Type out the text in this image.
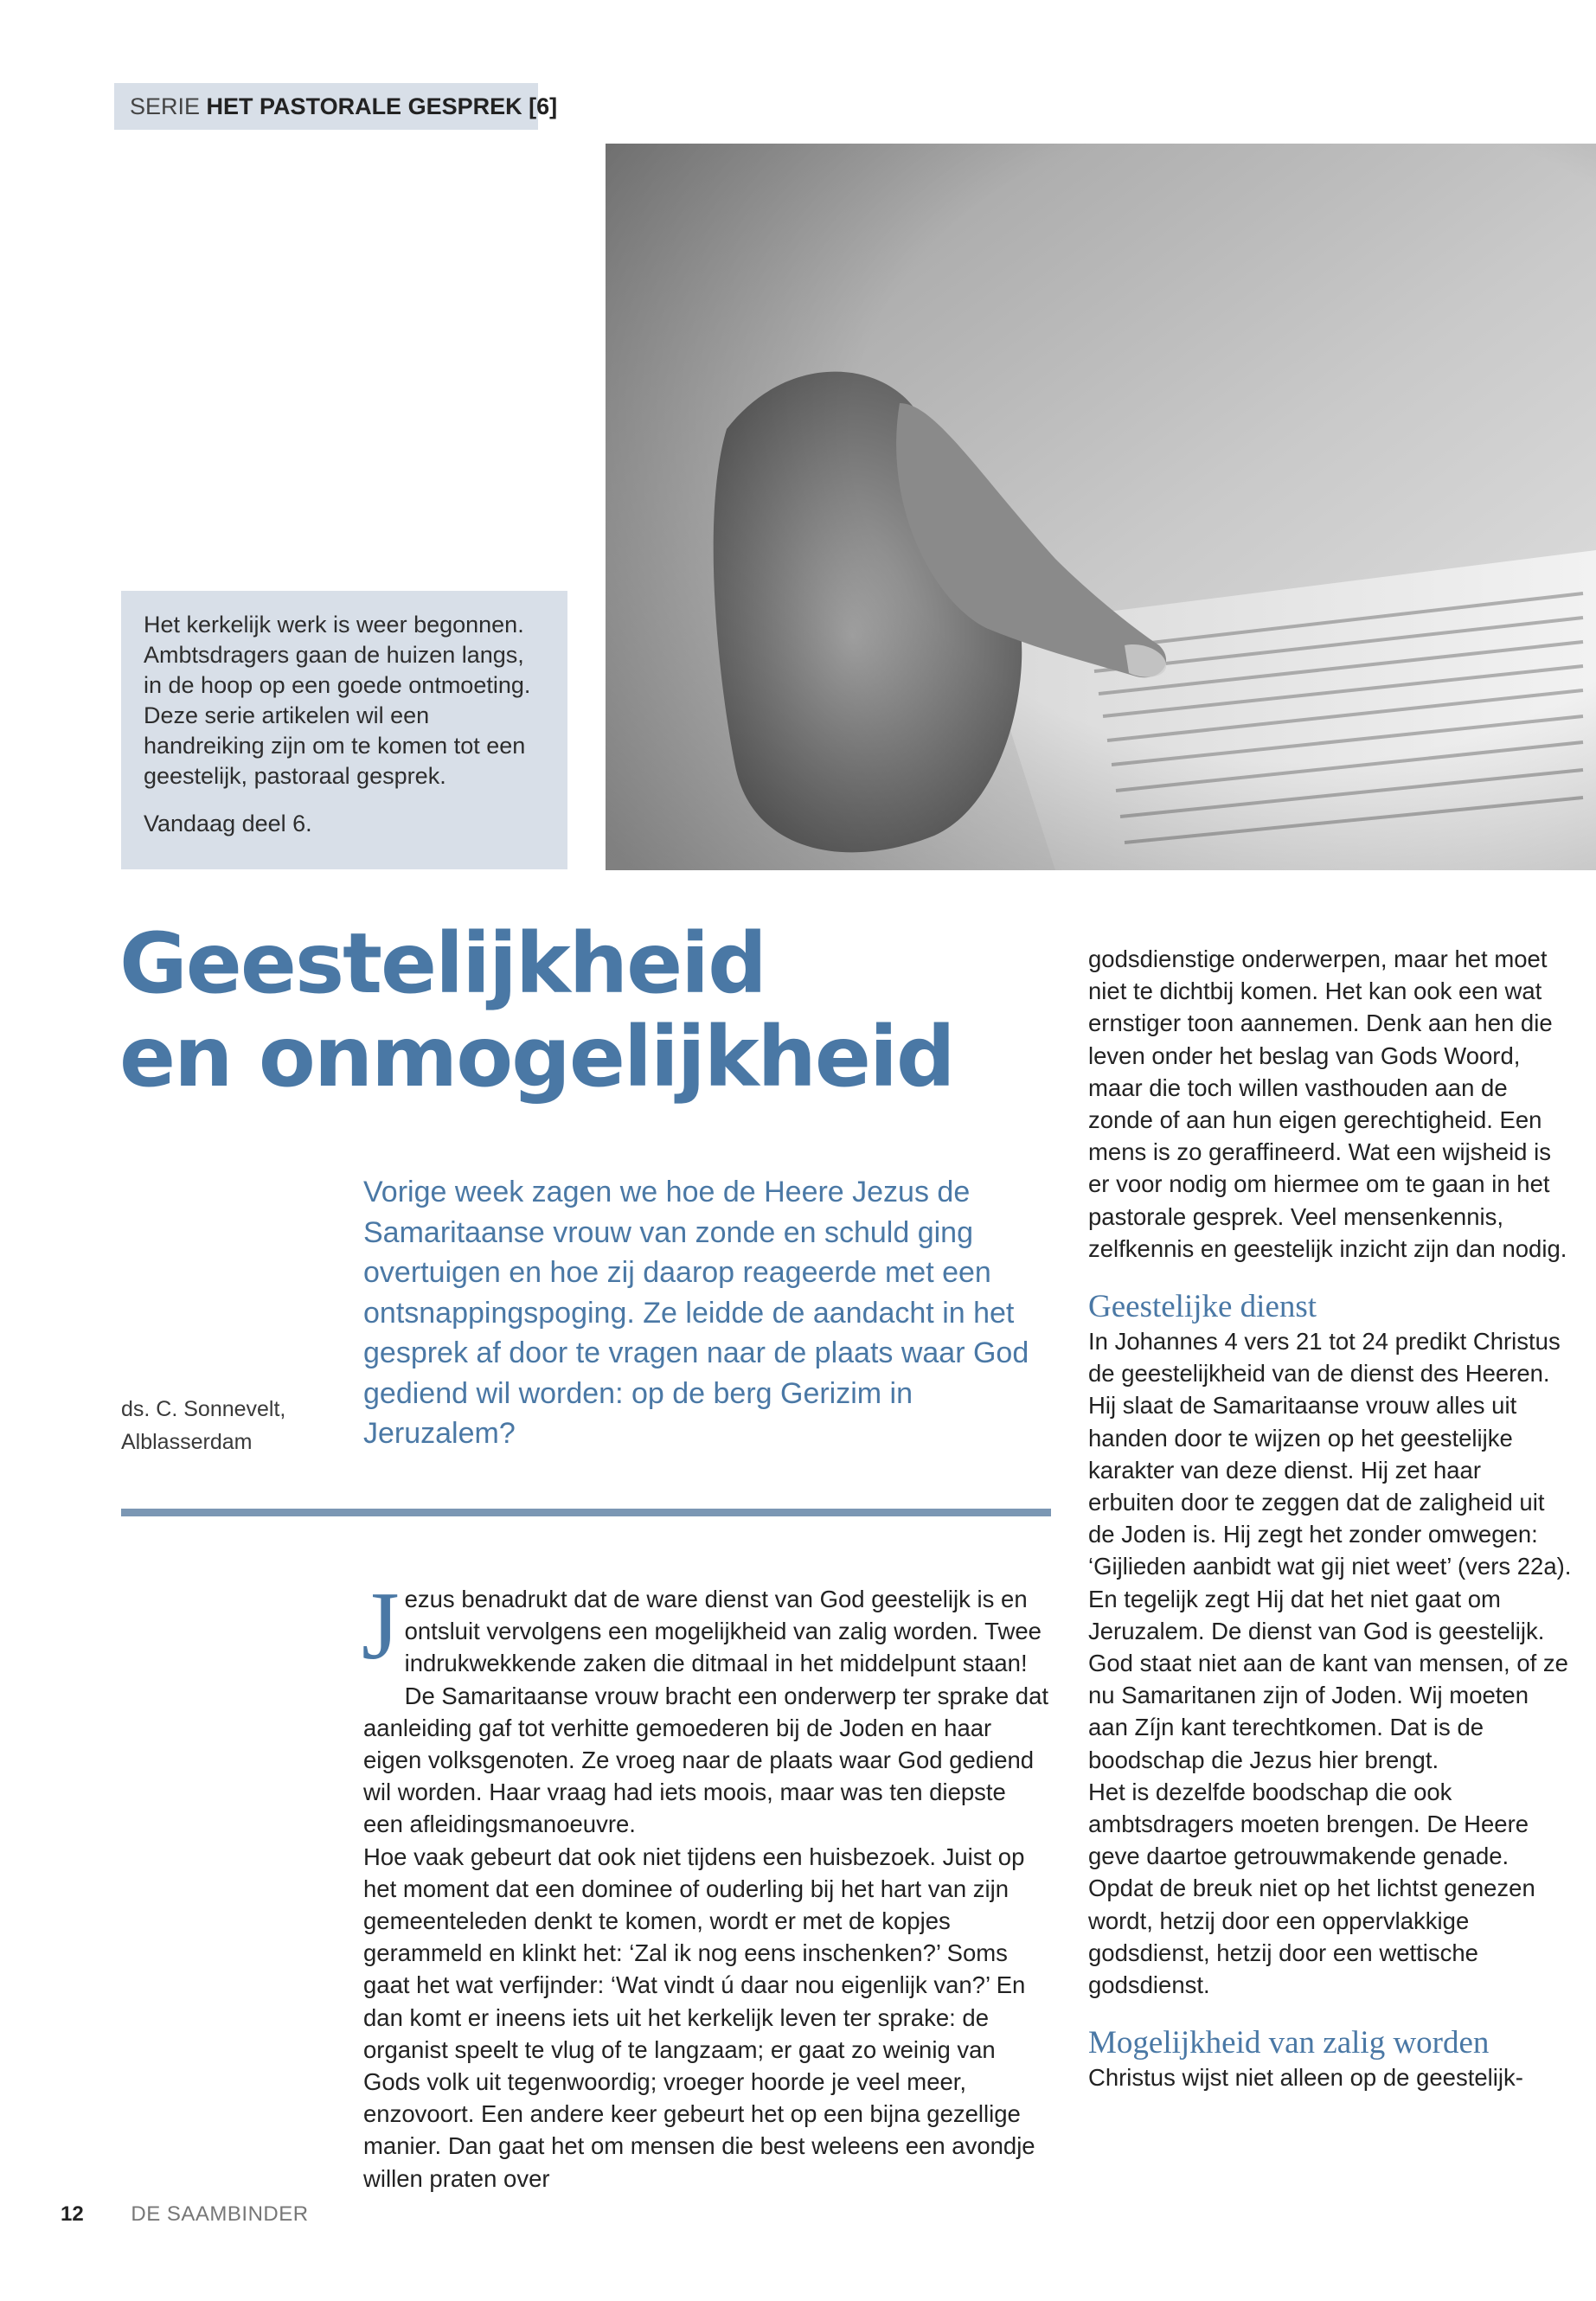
SERIE HET PASTORALE GESPREK [6]

Het kerkelijk werk is weer begonnen. Ambtsdragers gaan de huizen langs, in de hoop op een goede ontmoeting. Deze serie artikelen wil een handreiking zijn om te komen tot een geestelijk, pastoraal gesprek.

Vandaag deel 6.

Geestelijkheid
en onmogelijkheid
ds. C. Sonnevelt,
Alblasserdam

Vorige week zagen we hoe de Heere Jezus de Samaritaanse vrouw van zonde en schuld ging overtuigen en hoe zij daarop reageerde met een ontsnappingspoging. Ze leidde de aandacht in het gesprek af door te vragen naar de plaats waar God gediend wil worden: op de berg Gerizim in Jeruzalem?

J ezus benadrukt dat de ware dienst van God geestelijk is en ontsluit vervolgens een mogelijkheid van zalig worden. Twee indrukwekkende zaken die ditmaal in het middelpunt staan! De Samaritaanse vrouw bracht een onderwerp ter sprake dat aanleiding gaf tot verhitte gemoederen bij de Joden en haar eigen volksgenoten. Ze vroeg naar de plaats waar God gediend wil worden. Haar vraag had iets moois, maar was ten diepste een afleidingsmanoeuvre.

Hoe vaak gebeurt dat ook niet tijdens een huisbezoek. Juist op het moment dat een dominee of ouderling bij het hart van zijn gemeenteleden denkt te komen, wordt er met de kopjes gerammeld en klinkt het: ‘Zal ik nog eens inschenken?’ Soms gaat het wat verfijnder: ‘Wat vindt ú daar nou eigenlijk van?’ En dan komt er ineens iets uit het kerkelijk leven ter sprake: de organist speelt te vlug of te langzaam; er gaat zo weinig van Gods volk uit tegenwoordig; vroeger hoorde je veel meer, enzovoort. Een andere keer gebeurt het op een bijna gezellige manier. Dan gaat het om mensen die best weleens een avondje willen praten over

godsdienstige onderwerpen, maar het moet niet te dichtbij komen. Het kan ook een wat ernstiger toon aannemen. Denk aan hen die leven onder het beslag van Gods Woord, maar die toch willen vasthouden aan de zonde of aan hun eigen gerechtigheid. Een mens is zo geraffineerd. Wat een wijsheid is er voor nodig om hiermee om te gaan in het pastorale gesprek. Veel mensenkennis, zelfkennis en geestelijk inzicht zijn dan nodig.

Geestelijke dienst

In Johannes 4 vers 21 tot 24 predikt Christus de geestelijkheid van de dienst des Heeren. Hij slaat de Samaritaanse vrouw alles uit handen door te wijzen op het geestelijke karakter van deze dienst. Hij zet haar erbuiten door te zeggen dat de zaligheid uit de Joden is. Hij zegt het zonder omwegen: ‘Gijlieden aanbidt wat gij niet weet’ (vers 22a). En tegelijk zegt Hij dat het niet gaat om Jeruzalem. De dienst van God is geestelijk. God staat niet aan de kant van mensen, of ze nu Samaritanen zijn of Joden. Wij moeten aan Zíjn kant terechtkomen. Dat is de boodschap die Jezus hier brengt.

Het is dezelfde boodschap die ook ambtsdragers moeten brengen. De Heere geve daartoe getrouwmakende genade. Opdat de breuk niet op het lichtst genezen wordt, hetzij door een oppervlakkige godsdienst, hetzij door een wettische godsdienst.

Mogelijkheid van zalig worden

Christus wijst niet alleen op de geestelijk-

12 DE SAAMBINDER
